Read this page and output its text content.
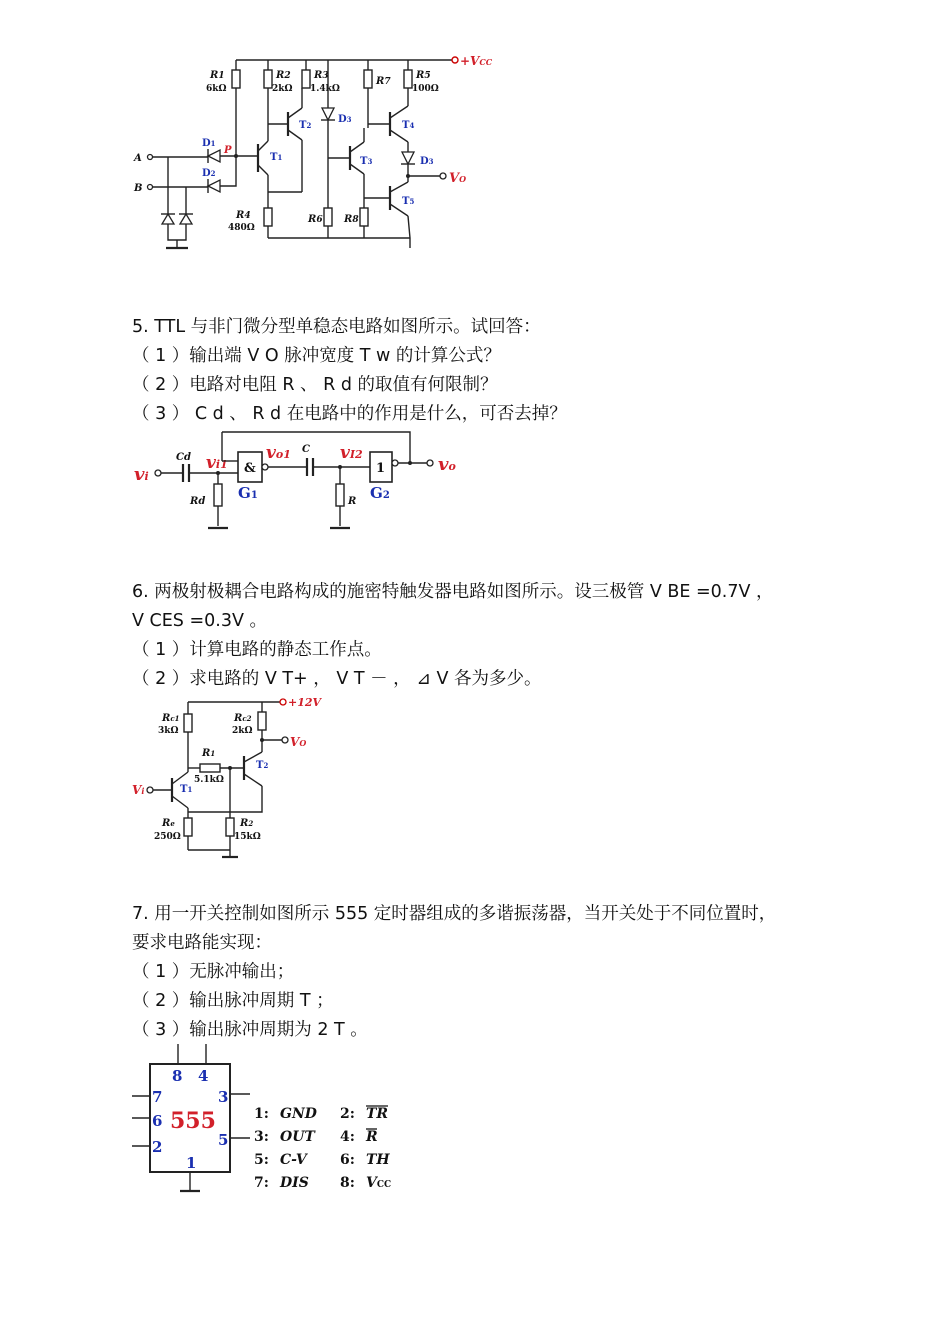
+VCC
R1
6kΩ
P
D1
D2
A
B
T1
R2
2kΩ
R4
480Ω
T2
R3
1.4kΩ
D3
R6
T3
R7
R8
T4
R5
100Ω
D3
VO
T5
5. TTL 与非门微分型单稳态电路如图所示。试回答：
（ 1 ）输出端 V O 脉冲宽度 T w 的计算公式？
（ 2 ）电路对电阻 R 、 R d 的取值有何限制？
（ 3 ） C d 、 R d 在电路中的作用是什么，可否去掉？
vi
Cd vi1
Rd
&
G1
vo1 C vI2
R
1
G2
vo
6. 两极射极耦合电路构成的施密特触发器电路如图所示。设三极管 V BE =0.7V ，
V CES =0.3V 。
（ 1 ）计算电路的静态工作点。
（ 2 ）求电路的 V T+ ， V T － ， ⊿ V 各为多少。
+12V
Rc1
3kΩ
Rc2
2kΩ
VO
R1
5.1kΩ
T2
Vi	T1
Re
250Ω
R2
15kΩ
7. 用一开关控制如图所示 555 定时器组成的多谐振荡器，当开关处于不同位置时，
要求电路能实现：
（ 1 ）无脉冲输出；
（ 2 ）输出脉冲周期 T ；
（ 3 ）输出脉冲周期为 2 T 。
8 4
3
7
6
5
2
1
555	1: GND 2: TR
3: OUT 4: R
5: C-V 6: TH
7: DIS 8: VCC
